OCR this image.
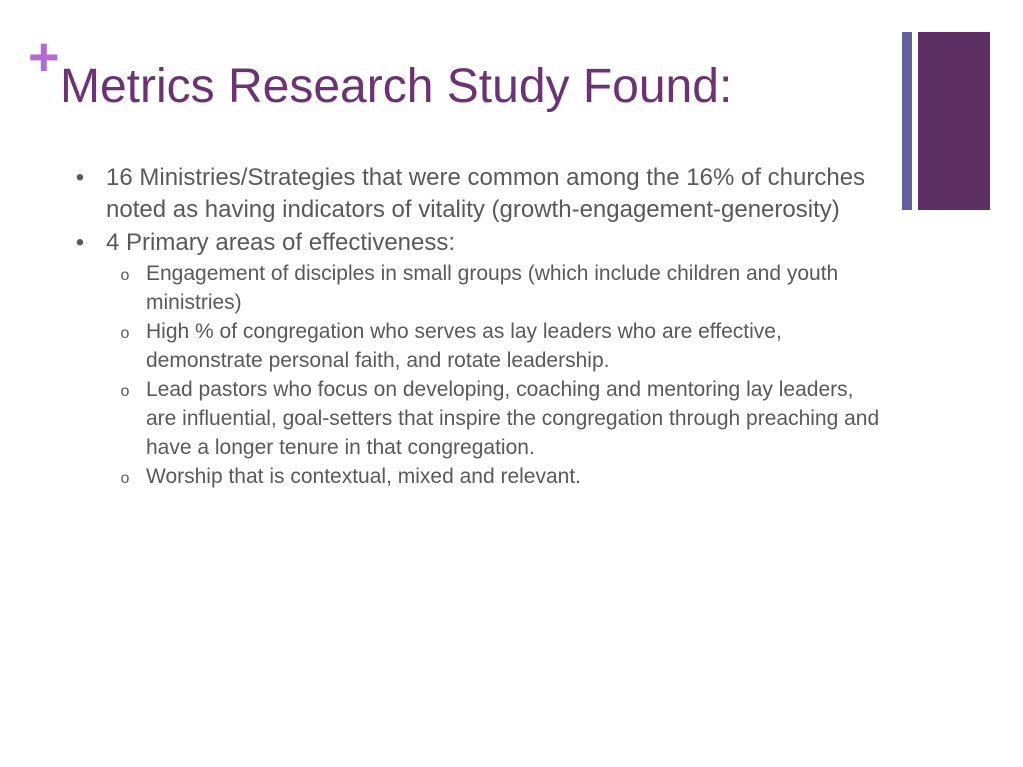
+ Metrics Research Study Found:
• 16 Ministries/Strategies that were common among the 16% of churches noted as having indicators of vitality (growth-engagement-generosity)
• 4 Primary areas of effectiveness:
o Engagement of disciples in small groups (which include children and youth ministries)
o High % of congregation who serves as lay leaders who are effective, demonstrate personal faith, and rotate leadership.
o Lead pastors who focus on developing, coaching and mentoring lay leaders, are influential, goal-setters that inspire the congregation through preaching and have a longer tenure in that congregation.
o Worship that is contextual, mixed and relevant.
